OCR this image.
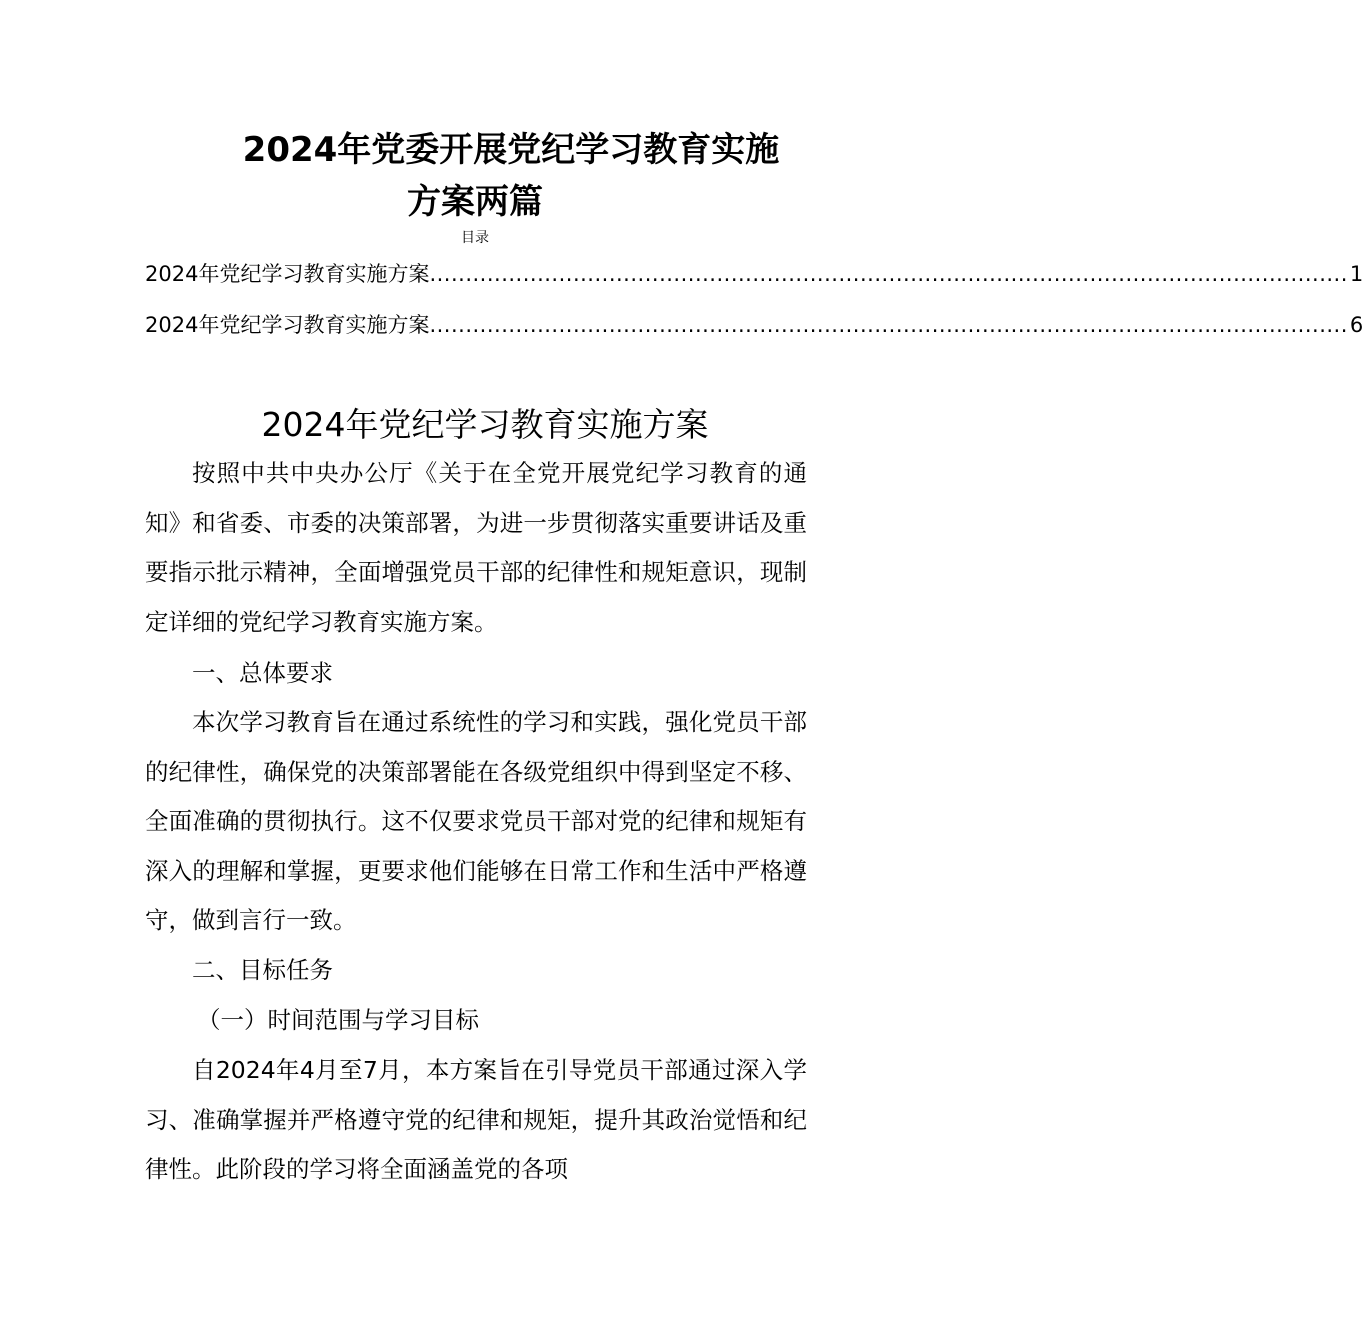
2024年党委开展党纪学习教育实施
方案两篇
目录
2024年党纪学习教育实施方案 ................................................................................................................................ 1
2024年党纪学习教育实施方案 ................................................................................................................................ 6
2024年党纪学习教育实施方案

按照中共中央办公厅《关于在全党开展党纪学习教育的通知》和省委、市委的决策部署，为进一步贯彻落实重要讲话及重要指示批示精神，全面增强党员干部的纪律性和规矩意识，现制定详细的党纪学习教育实施方案。

一、总体要求

本次学习教育旨在通过系统性的学习和实践，强化党员干部的纪律性，确保党的决策部署能在各级党组织中得到坚定不移、全面准确的贯彻执行。这不仅要求党员干部对党的纪律和规矩有深入的理解和掌握，更要求他们能够在日常工作和生活中严格遵守，做到言行一致。

二、目标任务

（一）时间范围与学习目标

自2024年4月至7月，本方案旨在引导党员干部通过深入学习、准确掌握并严格遵守党的纪律和规矩，提升其政治觉悟和纪律性。此阶段的学习将全面涵盖党的各项
